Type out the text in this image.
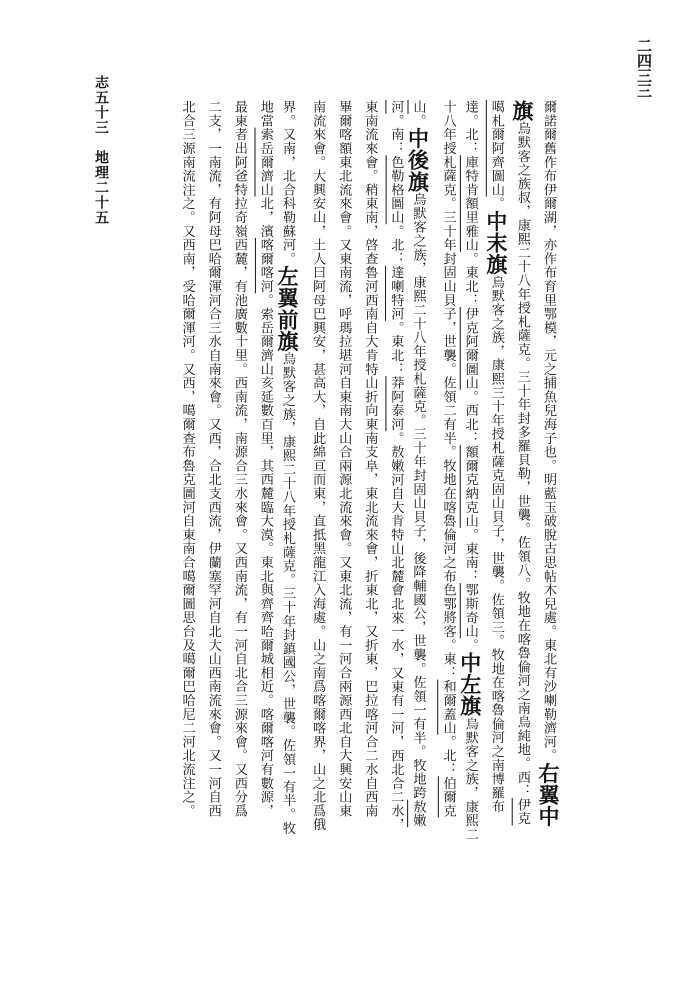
二四三三
志五十三
地理二十五	爾諾爾舊作布伊爾湖，亦作布育里鄂模，元之捕魚兒海子也。明藍玉破脫古思帖木兒處。東北有沙喇勒濟河。右翼中
旗烏默客之族叔，康熙二十八年授札薩克。三十年封多羅貝勒，世襲。佐領八。牧地在喀魯倫河之南烏純地。西：伊克
噶札爾阿齊圖山。中末旗烏默客之族，康熙三十年授札薩克固山貝子，世襲。佐領三。牧地在喀魯倫河之南博羅布
達。北：庫特肯額里雅山。東北：伊克阿爾圖山。西北：額爾克納克山。東南：鄂斯奇山。中左旗烏默客之族，康熙二
十八年授札薩克。三十年封固山貝子，世襲。佐領二有半。牧地在喀魯倫河之布色鄂將客。東：和爾蓋山。北：伯爾克
山。中後旗烏默客之族，康熙二十八年授札薩克。三十年封固山貝子，後降輔國公，世襲。佐領一有半。牧地跨敖嫩
河。南：色勒格圖山。北：達喇特河。東北：莽阿泰河。敖嫩河自大肯特山北麓會北來一水，又東有一河，西北合二水，
東南流來會。稍東南，啓查魯河西南自大肯特山折向東南支阜，東北流來會，折東北，又折東，巴拉喀河合二水自西南
畢爾喀額東北流來會。又東南流，呼瑪拉堪河自東南大山合兩源北流來會。又東北流，有一河合兩源西北自大興安山東
南流來會。大興安山，土人曰阿母巴興安，甚高大，自此綿亘而東，直抵黑龍江入海處。山之南爲喀爾喀界，山之北爲俄
界。又南，北合科勒蘇河。左翼前旗烏默客之族，康熙二十八年授札薩克。三十年封鎮國公，世襲。佐領一有半。牧
地當索岳爾濟山北，濱喀爾喀河。索岳爾濟山亥延數百里，其西麓臨大漠。東北與齊齊哈爾城相近。喀爾喀河有數源，
最東者出阿爸特拉奇嶺西麓，有池廣數十里。西南流，南源合三水來會。又西南流，有一河自北合三源來會。又西分爲
二支，一南流，有阿母巴哈爾渾河合三水自南來會。又西，合北支西流，伊蘭塞罕河自北大山西南流來會。又一河自西
北合三源南流注之。又西南，受哈爾渾河。又西，噶爾查布魯克圖河自東南合噶爾圖思台及噶爾巴哈尼二河北流注之。
